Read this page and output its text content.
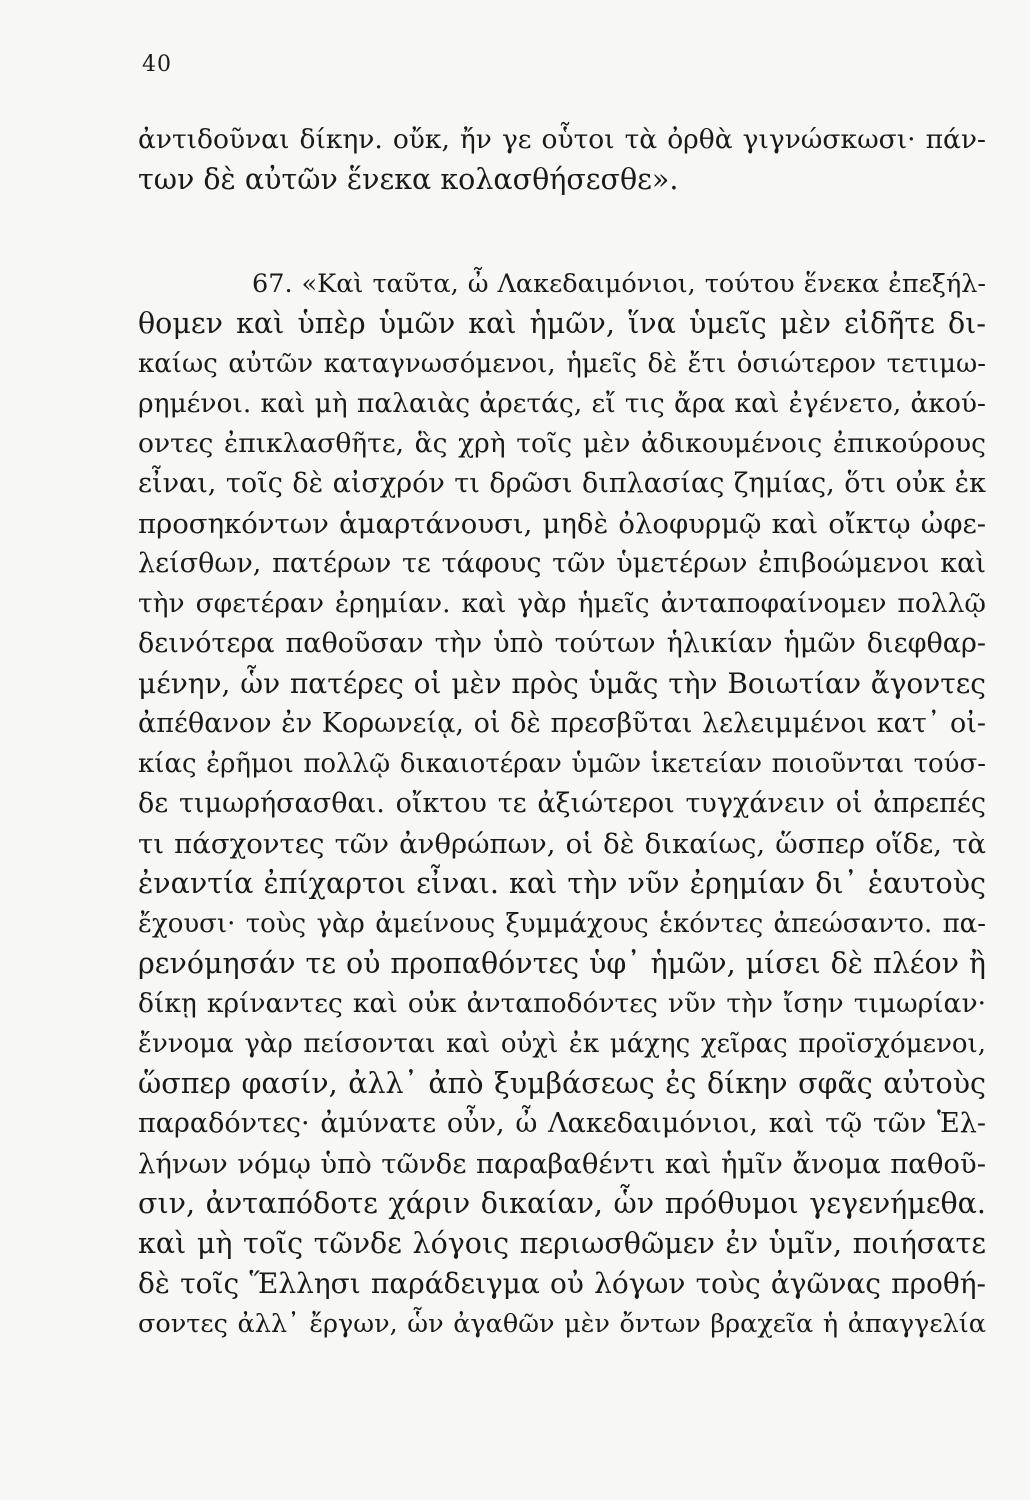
40
ἀντιδοῦναι δίκην. οὔκ, ἤν γε οὗτοι τὰ ὀρθὰ γιγνώσκωσι· πάν-
των δὲ αὐτῶν ἕνεκα κολασθήσεσθε».
67. «Καὶ ταῦτα, ὦ Λακεδαιμόνιοι, τούτου ἕνεκα ἐπεξήλ-
θομεν καὶ ὑπὲρ ὑμῶν καὶ ἡμῶν, ἵνα ὑμεῖς μὲν εἰδῆτε δι-
καίως αὐτῶν καταγνωσόμενοι, ἡμεῖς δὲ ἔτι ὁσιώτερον τετιμω-
ρημένοι. καὶ μὴ παλαιὰς ἀρετάς, εἴ τις ἄρα καὶ ἐγένετο, ἀκού-
οντες ἐπικλασθῆτε, ἃς χρὴ τοῖς μὲν ἀδικουμένοις ἐπικούρους
εἶναι, τοῖς δὲ αἰσχρόν τι δρῶσι διπλασίας ζημίας, ὅτι οὐκ ἐκ
προσηκόντων ἁμαρτάνουσι, μηδὲ ὀλοφυρμῷ καὶ οἴκτῳ ὠφε-
λείσθων, πατέρων τε τάφους τῶν ὑμετέρων ἐπιβοώμενοι καὶ
τὴν σφετέραν ἐρημίαν. καὶ γὰρ ἡμεῖς ἀνταποφαίνομεν πολλῷ
δεινότερα παθοῦσαν τὴν ὑπὸ τούτων ἡλικίαν ἡμῶν διεφθαρ-
μένην, ὧν πατέρες οἱ μὲν πρὸς ὑμᾶς τὴν Βοιωτίαν ἄγοντες
ἀπέθανον ἐν Κορωνείᾳ, οἱ δὲ πρεσβῦται λελειμμένοι κατ᾽ οἰ-
κίας ἐρῆμοι πολλῷ δικαιοτέραν ὑμῶν ἱκετείαν ποιοῦνται τούσ-
δε τιμωρήσασθαι. οἴκτου τε ἀξιώτεροι τυγχάνειν οἱ ἀπρεπές
τι πάσχοντες τῶν ἀνθρώπων, οἱ δὲ δικαίως, ὥσπερ οἵδε, τὰ
ἐναντία ἐπίχαρτοι εἶναι. καὶ τὴν νῦν ἐρημίαν δι᾽ ἑαυτοὺς
ἔχουσι· τοὺς γὰρ ἀμείνους ξυμμάχους ἑκόντες ἀπεώσαντο. πα-
ρενόμησάν τε οὐ προπαθόντες ὑφ᾽ ἡμῶν, μίσει δὲ πλέον ἢ
δίκῃ κρίναντες καὶ οὐκ ἀνταποδόντες νῦν τὴν ἴσην τιμωρίαν·
ἔννομα γὰρ πείσονται καὶ οὐχὶ ἐκ μάχης χεῖρας προϊσχόμενοι,
ὥσπερ φασίν, ἀλλ᾽ ἀπὸ ξυμβάσεως ἐς δίκην σφᾶς αὐτοὺς
παραδόντες· ἀμύνατε οὖν, ὦ Λακεδαιμόνιοι, καὶ τῷ τῶν Ἑλ-
λήνων νόμῳ ὑπὸ τῶνδε παραβαθέντι καὶ ἡμῖν ἄνομα παθοῦ-
σιν, ἀνταπόδοτε χάριν δικαίαν, ὧν πρόθυμοι γεγενήμεθα.
καὶ μὴ τοῖς τῶνδε λόγοις περιωσθῶμεν ἐν ὑμῖν, ποιήσατε
δὲ τοῖς Ἕλλησι παράδειγμα οὐ λόγων τοὺς ἀγῶνας προθή-
σοντες ἀλλ᾽ ἔργων, ὧν ἀγαθῶν μὲν ὄντων βραχεῖα ἡ ἀπαγγελία
